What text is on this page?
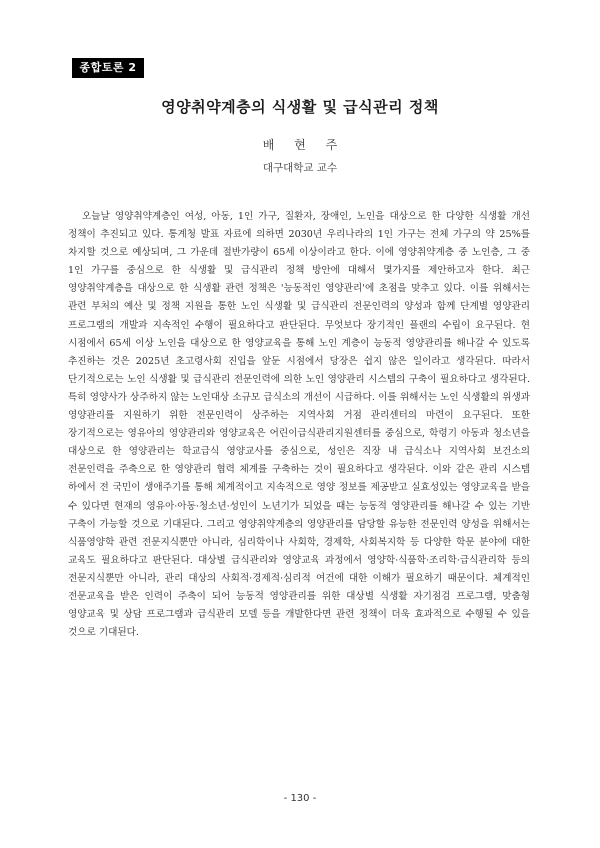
종합토론 2
영양취약계층의 식생활 및 급식관리 정책
배 현 주
대구대학교 교수

오늘날 영양취약계층인 여성, 아동, 1인 가구, 질환자, 장애인, 노인을 대상으로 한 다양한 식생활 개선 정책이 추진되고 있다. 통계청 발표 자료에 의하면 2030년 우리나라의 1인 가구는 전체 가구의 약 25%를 차지할 것으로 예상되며, 그 가운데 절반가량이 65세 이상이라고 한다. 이에 영양취약계층 중 노인층, 그 중 1인 가구를 중심으로 한 식생활 및 급식관리 정책 방안에 대해서 몇가지를 제안하고자 한다. 최근 영양취약계층을 대상으로 한 식생활 관련 정책은 '능동적인 영양관리'에 초점을 맞추고 있다. 이를 위해서는 관련 부처의 예산 및 정책 지원을 통한 노인 식생활 및 급식관리 전문인력의 양성과 함께 단계별 영양관리 프로그램의 개발과 지속적인 수행이 필요하다고 판단된다. 무엇보다 장기적인 플랜의 수립이 요구된다. 현 시점에서 65세 이상 노인을 대상으로 한 영양교육을 통해 노인 계층이 능동적 영양관리를 해나갈 수 있도록 추진하는 것은 2025년 초고령사회 진입을 앞둔 시점에서 당장은 쉽지 않은 일이라고 생각된다. 따라서 단기적으로는 노인 식생활 및 급식관리 전문인력에 의한 노인 영양관리 시스템의 구축이 필요하다고 생각된다. 특히 영양사가 상주하지 않는 노인대상 소규모 급식소의 개선이 시급하다. 이를 위해서는 노인 식생활의 위생과 영양관리를 지원하기 위한 전문인력이 상주하는 지역사회 거점 관리센터의 마련이 요구된다. 또한 장기적으로는 영유아의 영양관리와 영양교육은 어린이급식관리지원센터를 중심으로, 학령기 아동과 청소년을 대상으로 한 영양관리는 학교급식 영양교사를 중심으로, 성인은 직장 내 급식소나 지역사회 보건소의 전문인력을 주축으로 한 영양관리 협력 체계를 구축하는 것이 필요하다고 생각된다. 이와 같은 관리 시스템 하에서 전 국민이 생애주기를 통해 체계적이고 지속적으로 영양 정보를 제공받고 실효성있는 영양교육을 받을 수 있다면 현재의 영유아·아동·청소년·성인이 노년기가 되었을 때는 능동적 영양관리를 해나갈 수 있는 기반 구축이 가능할 것으로 기대된다. 그리고 영양취약계층의 영양관리를 담당할 유능한 전문인력 양성을 위해서는 식품영양학 관련 전문지식뿐만 아니라, 심리학이나 사회학, 경제학, 사회복지학 등 다양한 학문 분야에 대한 교육도 필요하다고 판단된다. 대상별 급식관리와 영양교육 과정에서 영양학·식품학·조리학·급식관리학 등의 전문지식뿐만 아니라, 관리 대상의 사회적·경제적·심리적 여건에 대한 이해가 필요하기 때문이다. 체계적인 전문교육을 받은 인력이 주축이 되어 능동적 영양관리를 위한 대상별 식생활 자기점검 프로그램, 맞춤형 영양교육 및 상담 프로그램과 급식관리 모델 등을 개발한다면 관련 정책이 더욱 효과적으로 수행될 수 있을 것으로 기대된다.

- 130 -
